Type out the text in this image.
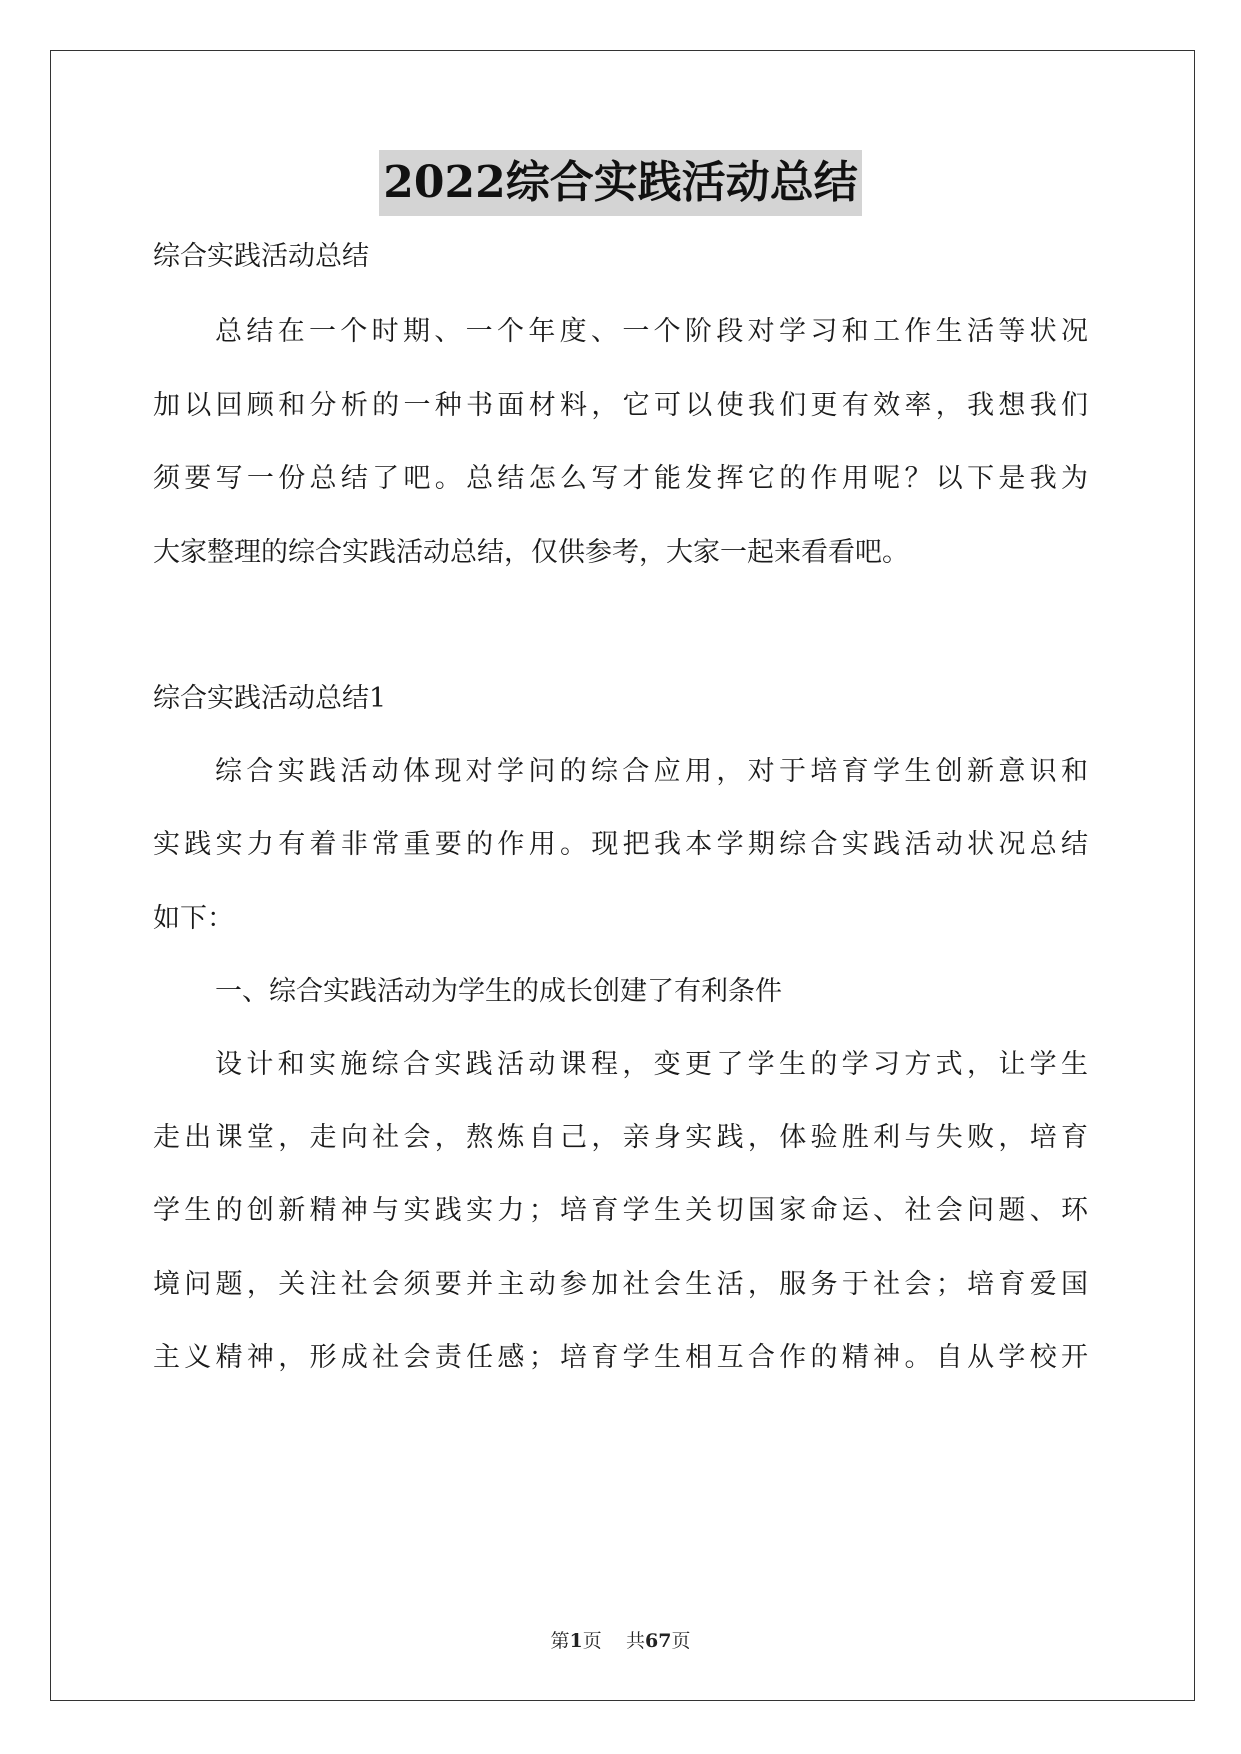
2022综合实践活动总结
综合实践活动总结
总结在一个时期、一个年度、一个阶段对学习和工作生活等状况
加以回顾和分析的一种书面材料，它可以使我们更有效率，我想我们
须要写一份总结了吧。总结怎么写才能发挥它的作用呢？以下是我为
大家整理的综合实践活动总结，仅供参考，大家一起来看看吧。
综合实践活动总结1
综合实践活动体现对学问的综合应用，对于培育学生创新意识和
实践实力有着非常重要的作用。现把我本学期综合实践活动状况总结
如下：
一、综合实践活动为学生的成长创建了有利条件
设计和实施综合实践活动课程，变更了学生的学习方式，让学生
走出课堂，走向社会，熬炼自己，亲身实践，体验胜利与失败，培育
学生的创新精神与实践实力；培育学生关切国家命运、社会问题、环
境问题，关注社会须要并主动参加社会生活，服务于社会；培育爱国
主义精神，形成社会责任感；培育学生相互合作的精神。自从学校开
第1页 共67页
